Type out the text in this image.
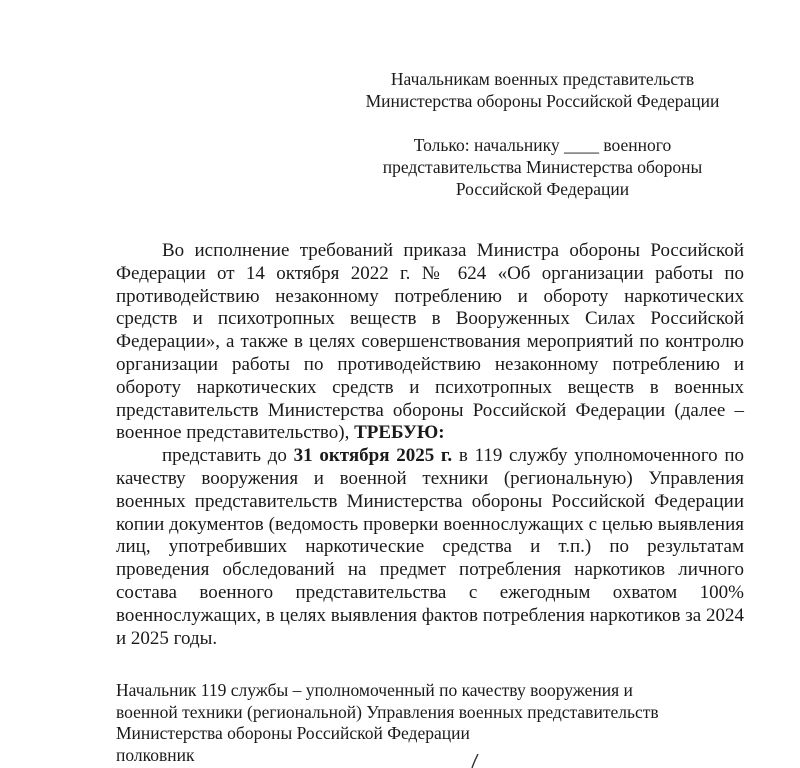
Начальникам военных представительств
Министерства обороны Российской Федерации
Только: начальнику ____ военного
представительства Министерства обороны
Российской Федерации
Во исполнение требований приказа Министра обороны Российской
Федерации от 14 октября 2022 г. № 624 «Об организации работы по
противодействию незаконному потреблению и обороту наркотических
средств и психотропных веществ в Вооруженных Силах Российской
Федерации», а также в целях совершенствования мероприятий по контролю
организации работы по противодействию незаконному потреблению и
обороту наркотических средств и психотропных веществ в военных
представительств Министерства обороны Российской Федерации (далее –
военное представительство), ТРЕБУЮ:
представить до 31 октября 2025 г. в 119 службу уполномоченного по
качеству вооружения и военной техники (региональную) Управления
военных представительств Министерства обороны Российской Федерации
копии документов (ведомость проверки военнослужащих с целью выявления
лиц, употребивших наркотические средства и т.п.) по результатам
проведения обследований на предмет потребления наркотиков личного
состава военного представительства с ежегодным охватом 100%
военнослужащих, в целях выявления фактов потребления наркотиков за 2024
и 2025 годы.
Начальник 119 службы – уполномоченный по качеству вооружения и
военной техники (региональной) Управления военных представительств
Министерства обороны Российской Федерации
полковник
